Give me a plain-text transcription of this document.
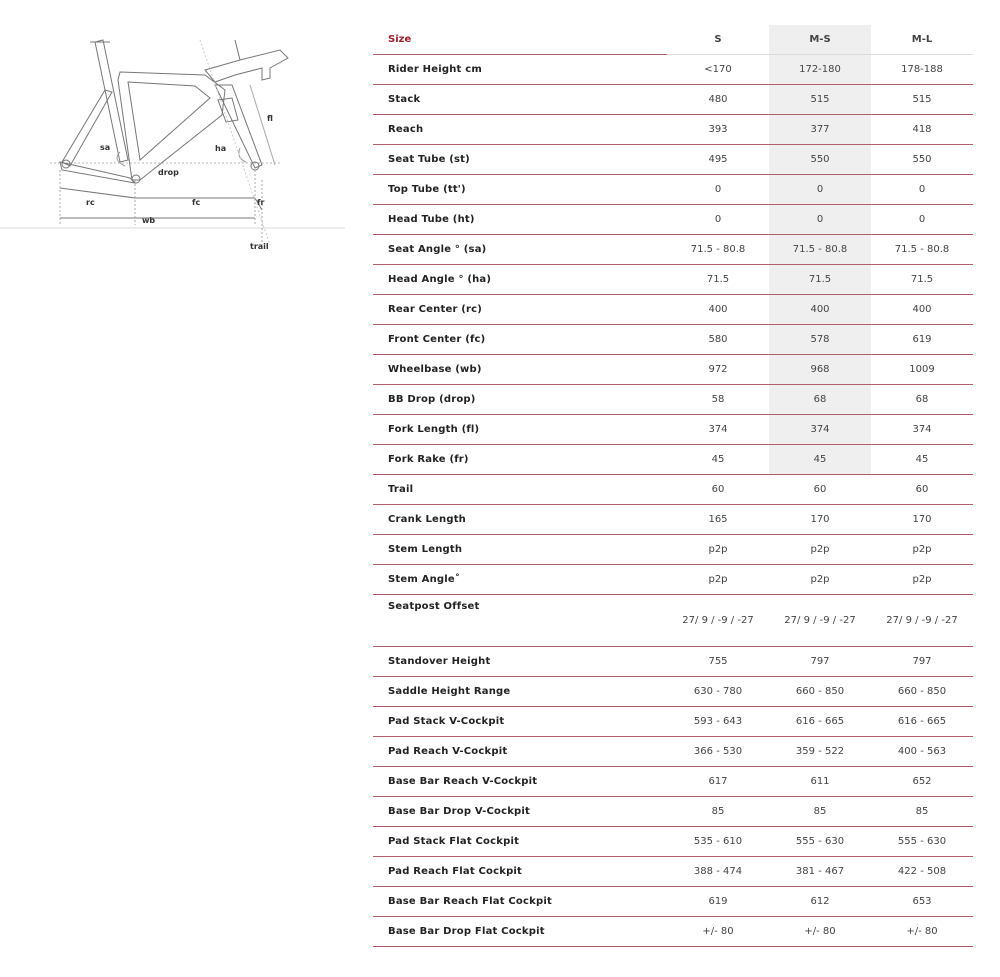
sa
drop
ha
fl
rc	fc
wb
fr
trail
Size	S	M-S	M-L
Rider Height cm	<170	172-180	178-188
Stack	480	515	515
Reach	393	377	418
Seat Tube (st)	495	550	550
Top Tube (tt')	0	0	0
Head Tube (ht)	0	0	0
Seat Angle ° (sa)	71.5 - 80.8	71.5 - 80.8	71.5 - 80.8
Head Angle ° (ha)	71.5	71.5	71.5
Rear Center (rc)	400	400	400
Front Center (fc)	580	578	619
Wheelbase (wb)	972	968	1009
BB Drop (drop)	58	68	68
Fork Length (fl)	374	374	374
Fork Rake (fr)	45	45	45
Trail	60	60	60
Crank Length	165	170	170
Stem Length	p2p	p2p	p2p
Stem Angle˚	p2p	p2p	p2p
Seatpost Offset	27/ 9 / -9 / -27	27/ 9 / -9 / -27	27/ 9 / -9 / -27
Standover Height	755	797	797
Saddle Height Range	630 - 780	660 - 850	660 - 850
Pad Stack V-Cockpit	593 - 643	616 - 665	616 - 665
Pad Reach V-Cockpit	366 - 530	359 - 522	400 - 563
Base Bar Reach V-Cockpit	617	611	652
Base Bar Drop V-Cockpit	85	85	85
Pad Stack Flat Cockpit	535 - 610	555 - 630	555 - 630
Pad Reach Flat Cockpit	388 - 474	381 - 467	422 - 508
Base Bar Reach Flat Cockpit	619	612	653
Base Bar Drop Flat Cockpit	+/- 80	+/- 80	+/- 80
